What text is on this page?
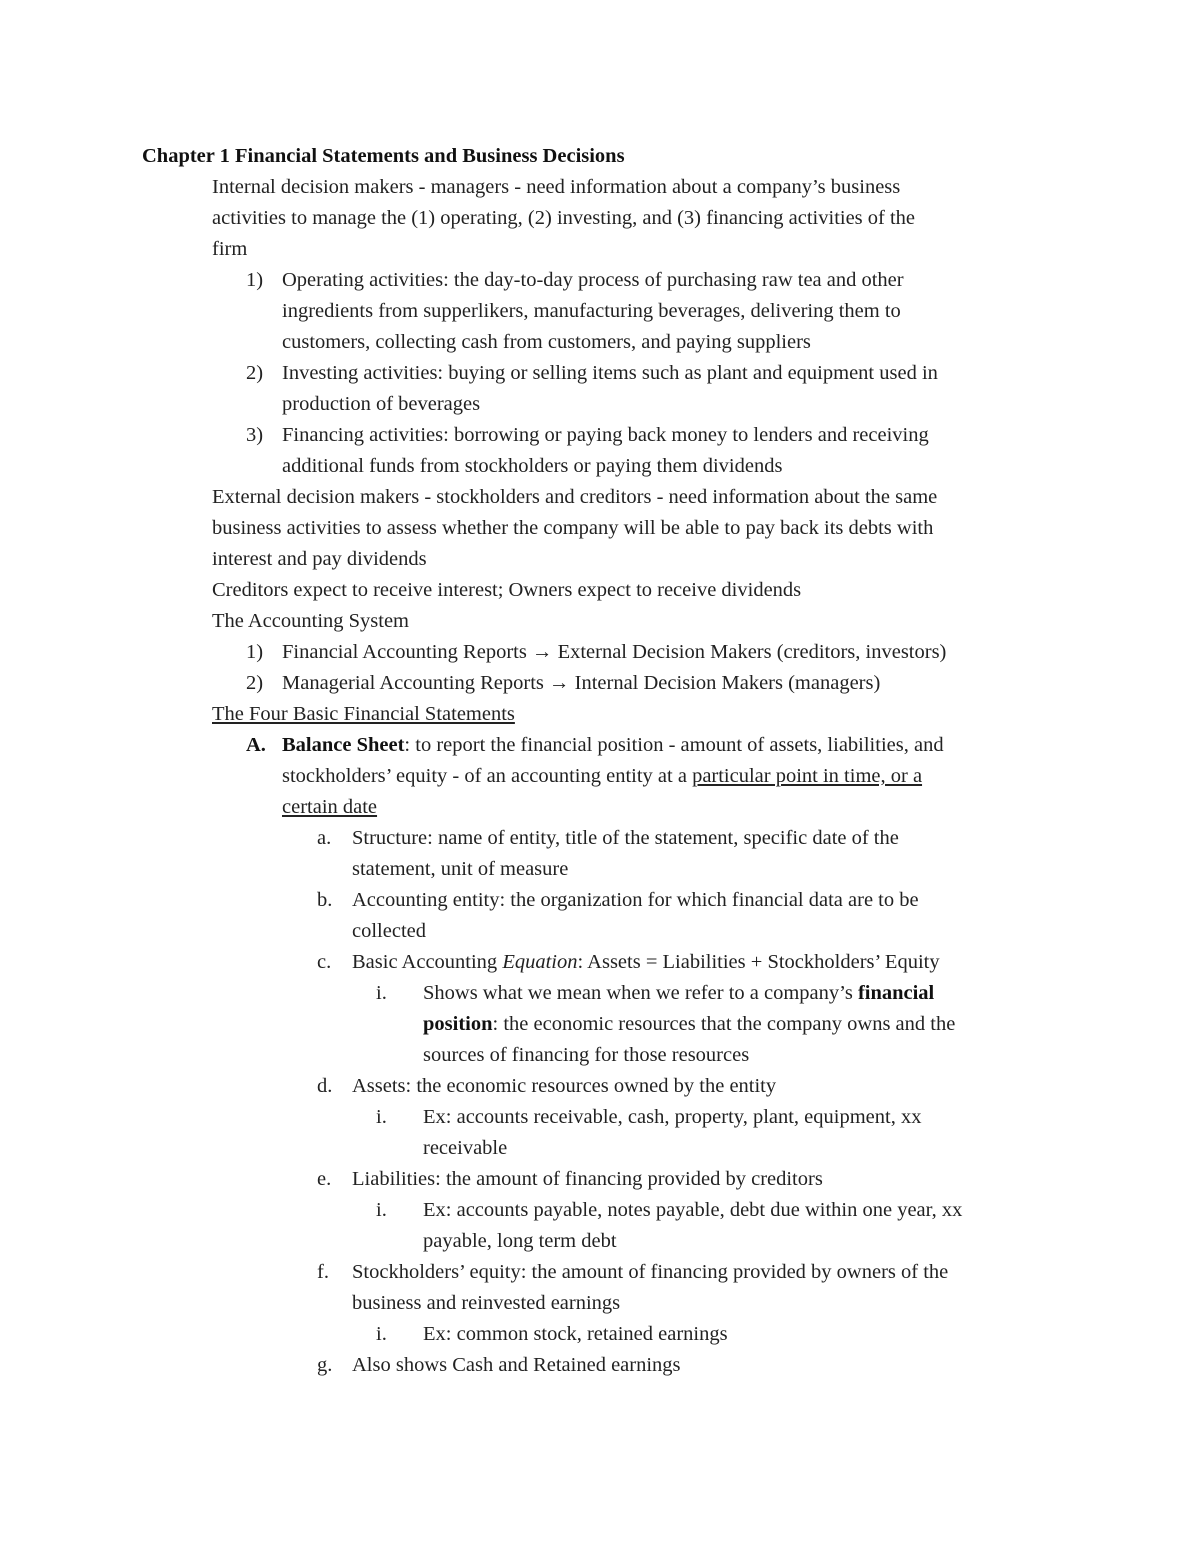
Chapter 1 Financial Statements and Business Decisions
Internal decision makers - managers - need information about a company’s business
activities to manage the (1) operating, (2) investing, and (3) financing activities of the
firm
1) Operating activities: the day-to-day process of purchasing raw tea and other
ingredients from supperlikers, manufacturing beverages, delivering them to
customers, collecting cash from customers, and paying suppliers
2) Investing activities: buying or selling items such as plant and equipment used in
production of beverages
3) Financing activities: borrowing or paying back money to lenders and receiving
additional funds from stockholders or paying them dividends
External decision makers - stockholders and creditors - need information about the same
business activities to assess whether the company will be able to pay back its debts with
interest and pay dividends
Creditors expect to receive interest; Owners expect to receive dividends
The Accounting System
1) Financial Accounting Reports → External Decision Makers (creditors, investors)
2) Managerial Accounting Reports → Internal Decision Makers (managers)
The Four Basic Financial Statements
A. Balance Sheet: to report the financial position - amount of assets, liabilities, and
stockholders’ equity - of an accounting entity at a particular point in time, or a
certain date
a. Structure: name of entity, title of the statement, specific date of the
statement, unit of measure
b. Accounting entity: the organization for which financial data are to be
collected
c. Basic Accounting Equation: Assets = Liabilities + Stockholders’ Equity
i. Shows what we mean when we refer to a company’s financial
position: the economic resources that the company owns and the
sources of financing for those resources
d. Assets: the economic resources owned by the entity
i. Ex: accounts receivable, cash, property, plant, equipment, xx
receivable
e. Liabilities: the amount of financing provided by creditors
i. Ex: accounts payable, notes payable, debt due within one year, xx
payable, long term debt
f. Stockholders’ equity: the amount of financing provided by owners of the
business and reinvested earnings
i. Ex: common stock, retained earnings
g. Also shows Cash and Retained earnings
